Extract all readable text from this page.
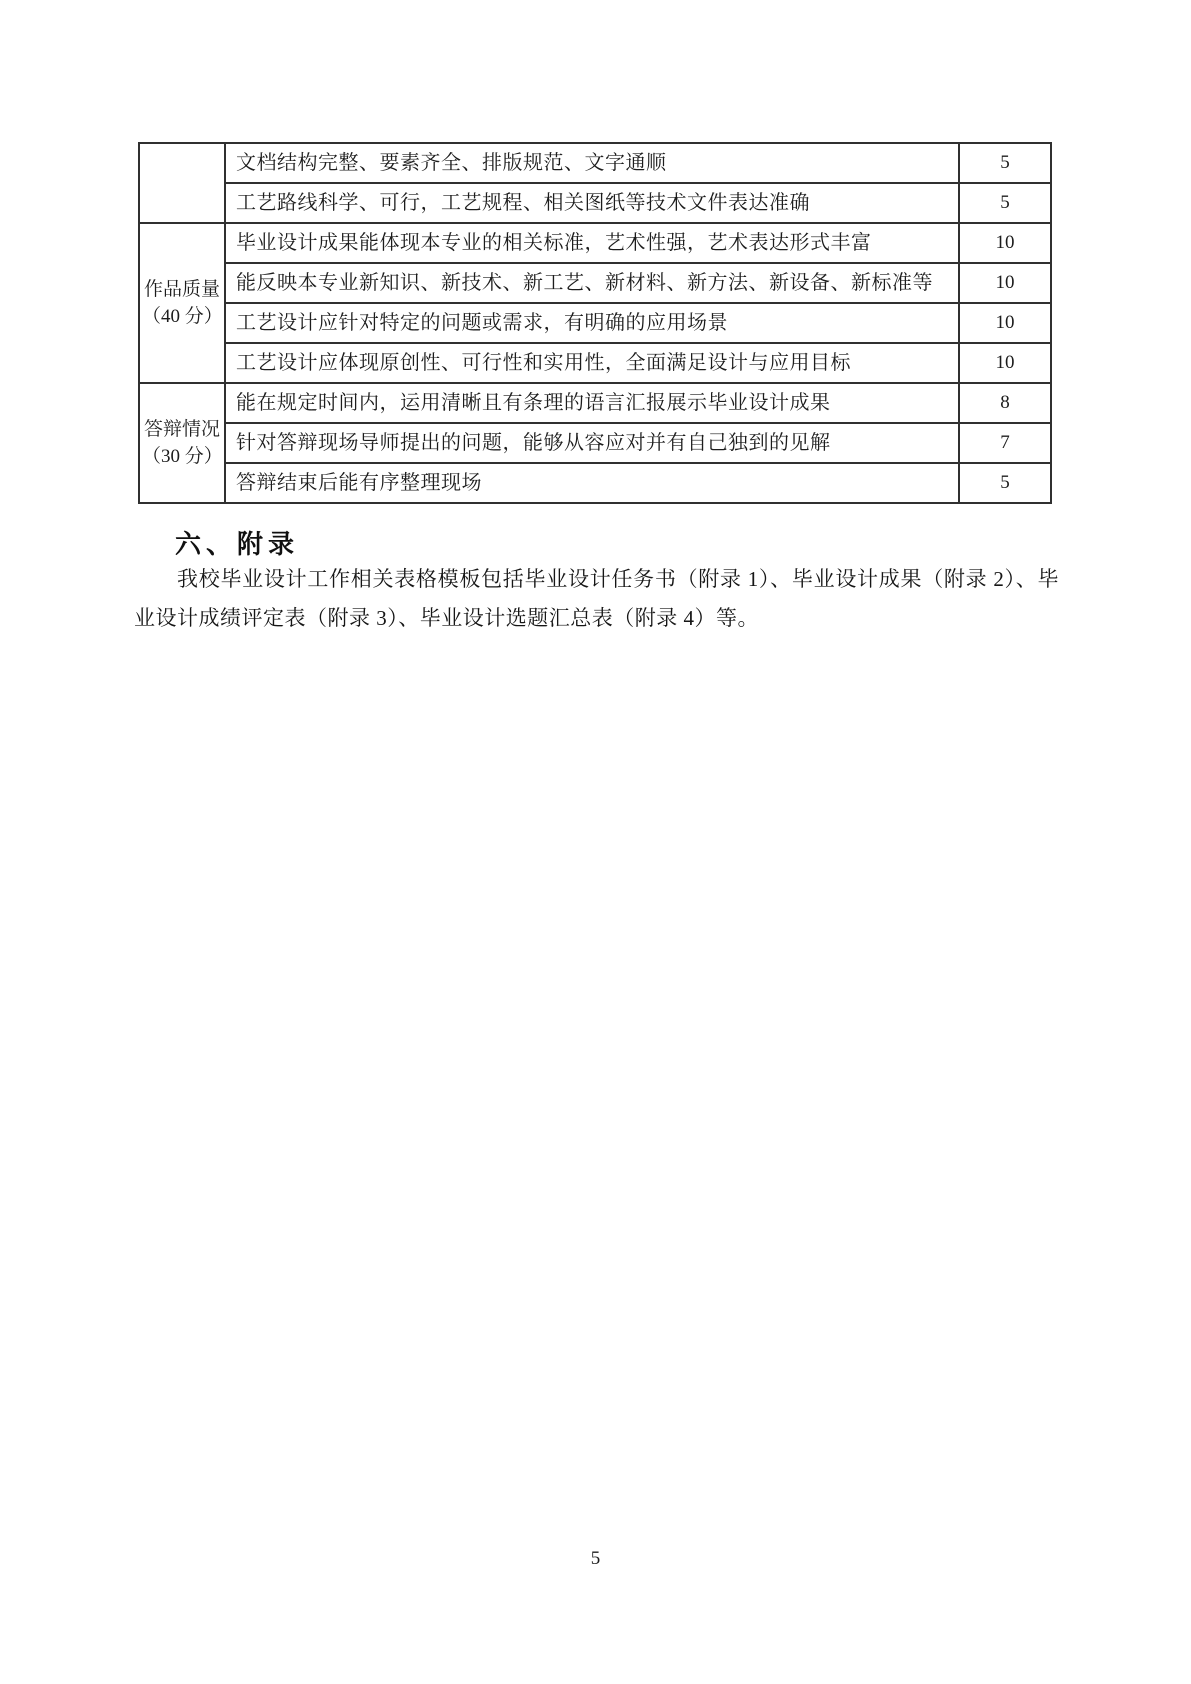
	文档结构完整、要素齐全、排版规范、文字通顺	5
	工艺路线科学、可行，工艺规程、相关图纸等技术文件表达准确	5

作品质量
（40 分）	毕业设计成果能体现本专业的相关标准，艺术性强，艺术表达形式丰富	10
	能反映本专业新知识、新技术、新工艺、新材料、新方法、新设备、新标准等	10
	工艺设计应针对特定的问题或需求，有明确的应用场景	10
	工艺设计应体现原创性、可行性和实用性，全面满足设计与应用目标	10

答辩情况
（30 分）	能在规定时间内，运用清晰且有条理的语言汇报展示毕业设计成果	8
	针对答辩现场导师提出的问题，能够从容应对并有自己独到的见解	7
	答辩结束后能有序整理现场	5
六、附录
我校毕业设计工作相关表格模板包括毕业设计任务书（附录 1）、毕业设计成果（附录 2）、毕业设计成绩评定表（附录 3）、毕业设计选题汇总表（附录 4）等。
5
